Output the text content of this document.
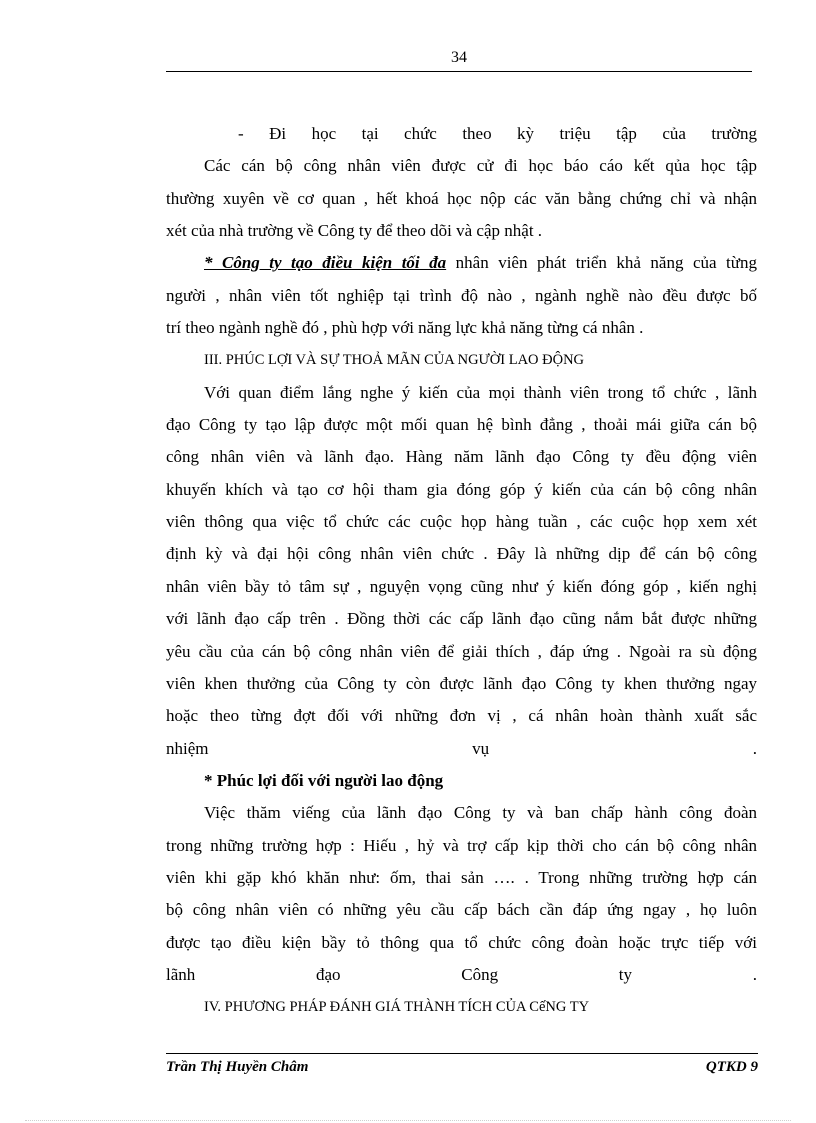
34
- Đi học tại chức theo kỳ triệu tập của trường
Các cán bộ công nhân viên được cử đi học báo cáo kết qủa học tập
thường xuyên về cơ quan , hết khoá học nộp các văn bằng chứng chỉ và nhận
xét của nhà trường về Công ty để theo dõi và cập nhật .
* Công ty tạo điều kiện tối đa nhân viên phát triển khả năng của từng
người , nhân viên tốt nghiệp tại trình độ nào , ngành nghề nào đều được bố
trí theo ngành nghề đó , phù hợp với năng lực khả năng từng cá nhân .
III. PHÚC LỢI VÀ SỰ THOẢ MÃN CỦA NGƯỜI LAO ĐỘNG
Với quan điểm lắng nghe ý kiến của mọi thành viên trong tổ chức , lãnh
đạo Công ty tạo lập được một mối quan hệ bình đẳng , thoải mái giữa cán bộ
công nhân viên và lãnh đạo. Hàng năm lãnh đạo Công ty đều động viên
khuyến khích và tạo cơ hội tham gia đóng góp ý kiến của cán bộ công nhân
viên thông qua việc tổ chức các cuộc họp hàng tuần , các cuộc họp xem xét
định kỳ và đại hội công nhân viên chức . Đây là những dịp để cán bộ công
nhân viên bầy tỏ tâm sự , nguyện vọng cũng như ý kiến đóng góp , kiến nghị
với lãnh đạo cấp trên . Đồng thời các cấp lãnh đạo cũng nắm bắt được những
yêu cầu của cán bộ công nhân viên để giải thích , đáp ứng . Ngoài ra sù động
viên khen thưởng của Công ty còn được lãnh đạo Công ty khen thưởng ngay
hoặc theo từng đợt đối với những đơn vị , cá nhân hoàn thành xuất sắc
nhiệm vụ .
* Phúc lợi đối với người lao động
Việc thăm viếng của lãnh đạo Công ty và ban chấp hành công đoàn
trong những trường hợp : Hiếu , hỷ và trợ cấp kịp thời cho cán bộ công nhân
viên khi gặp khó khăn như: ốm, thai sản …. . Trong những trường hợp cán
bộ công nhân viên có những yêu cầu cấp bách cần đáp ứng ngay , họ luôn
được tạo điều kiện bầy tỏ thông qua tổ chức công đoàn hoặc trực tiếp với
lãnh đạo Công ty .
IV. PHƯƠNG PHÁP ĐÁNH GIÁ THÀNH TÍCH CỦA CếNG TY
Trần Thị Huyền Châm	QTKD 9
